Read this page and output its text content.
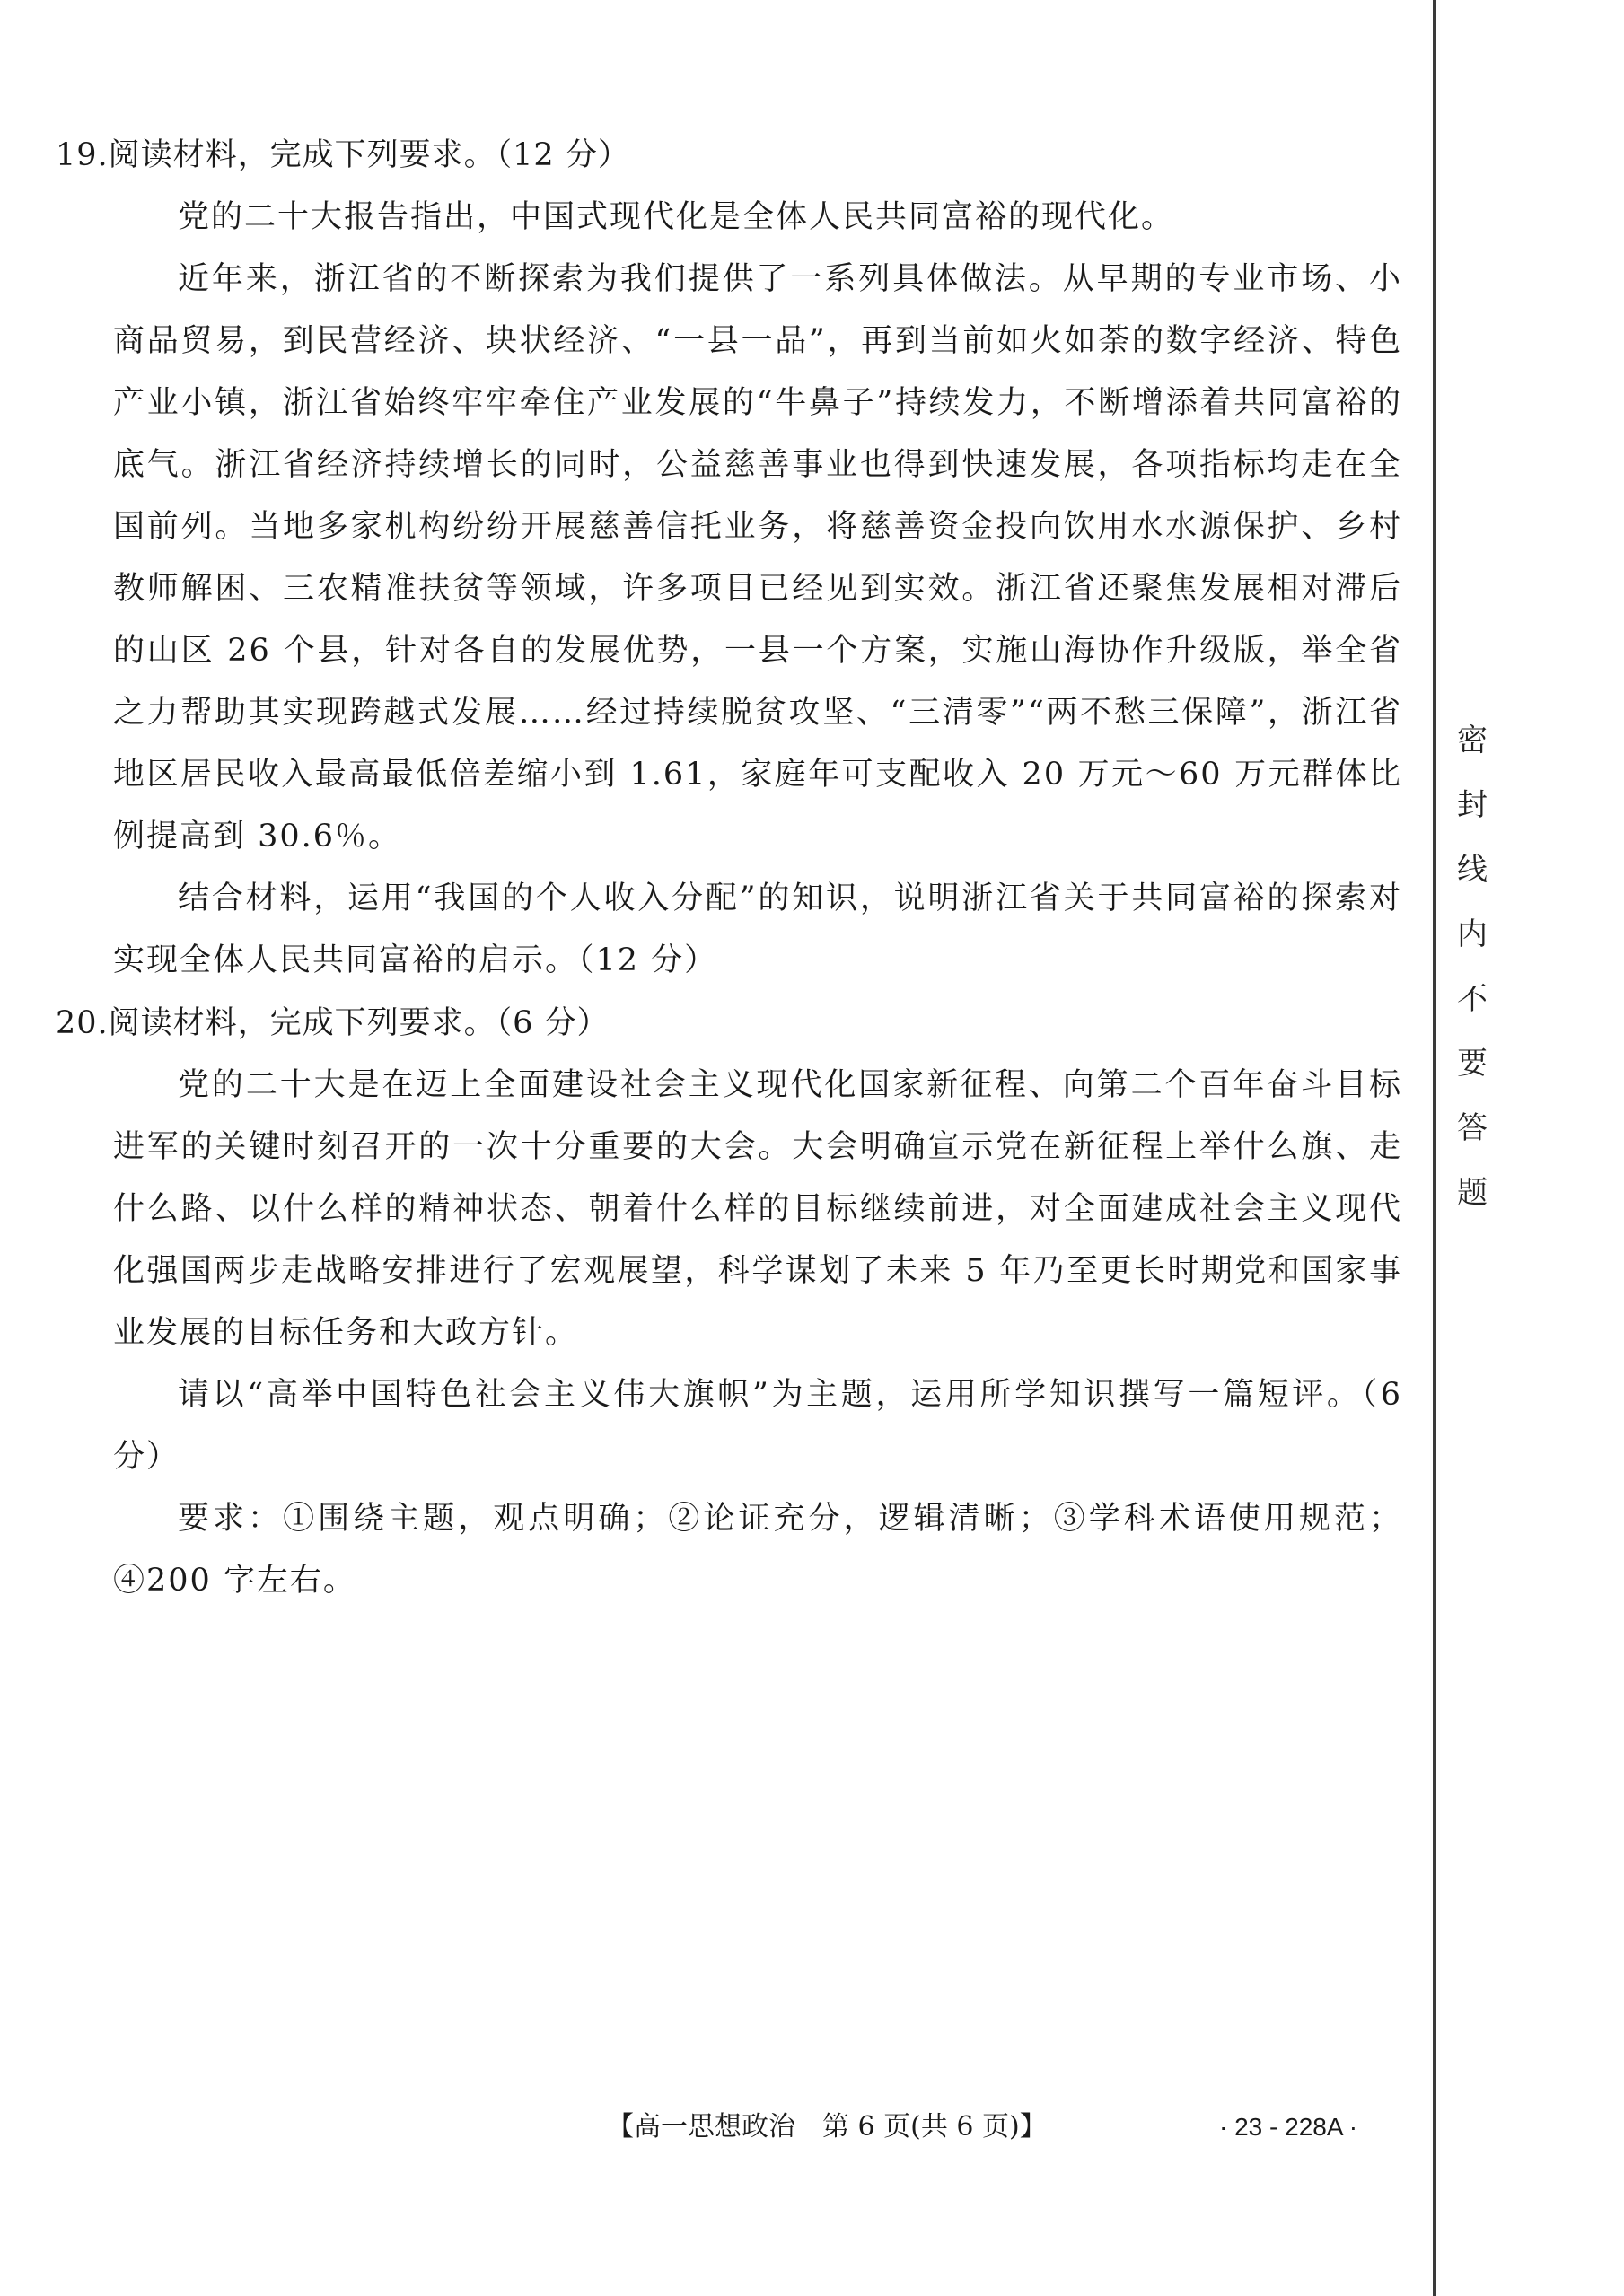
19.阅读材料，完成下列要求。（12 分）

党的二十大报告指出，中国式现代化是全体人民共同富裕的现代化。

近年来，浙江省的不断探索为我们提供了一系列具体做法。从早期的专业市场、小商品贸易，到民营经济、块状经济、“一县一品”，再到当前如火如荼的数字经济、特色产业小镇，浙江省始终牢牢牵住产业发展的“牛鼻子”持续发力，不断增添着共同富裕的底气。浙江省经济持续增长的同时，公益慈善事业也得到快速发展，各项指标均走在全国前列。当地多家机构纷纷开展慈善信托业务，将慈善资金投向饮用水水源保护、乡村教师解困、三农精准扶贫等领域，许多项目已经见到实效。浙江省还聚焦发展相对滞后的山区 26 个县，针对各自的发展优势，一县一个方案，实施山海协作升级版，举全省之力帮助其实现跨越式发展……经过持续脱贫攻坚、“三清零”“两不愁三保障”，浙江省地区居民收入最高最低倍差缩小到 1.61，家庭年可支配收入 20 万元～60 万元群体比例提高到 30.6％。

结合材料，运用“我国的个人收入分配”的知识，说明浙江省关于共同富裕的探索对实现全体人民共同富裕的启示。（12 分）

20.阅读材料，完成下列要求。（6 分）

党的二十大是在迈上全面建设社会主义现代化国家新征程、向第二个百年奋斗目标进军的关键时刻召开的一次十分重要的大会。大会明确宣示党在新征程上举什么旗、走什么路、以什么样的精神状态、朝着什么样的目标继续前进，对全面建成社会主义现代化强国两步走战略安排进行了宏观展望，科学谋划了未来 5 年乃至更长时期党和国家事业发展的目标任务和大政方针。

请以“高举中国特色社会主义伟大旗帜”为主题，运用所学知识撰写一篇短评。（6 分）

要求：①围绕主题，观点明确；②论证充分，逻辑清晰；③学科术语使用规范；④200 字左右。

密
封
线
内
不
要
答
题
【高一思想政治　第 6 页(共 6 页)】	· 23 - 228A ·
